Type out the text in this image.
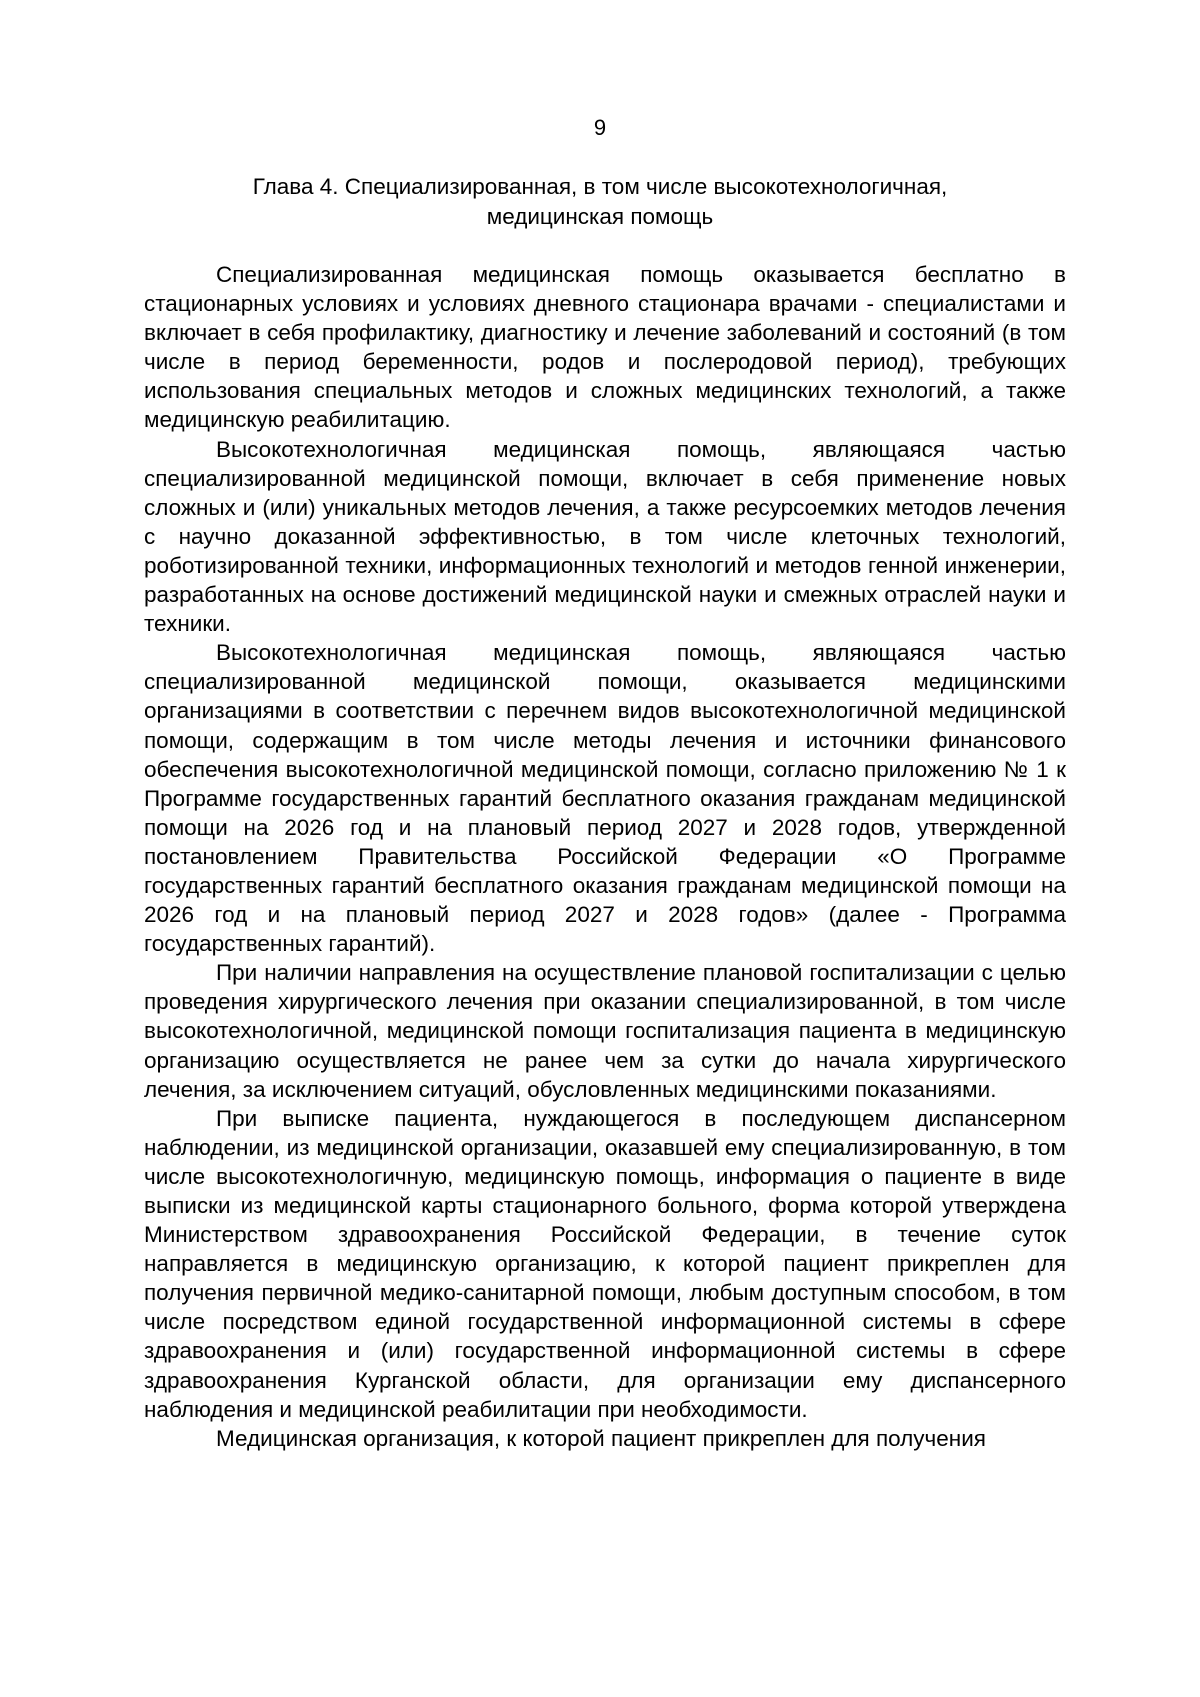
9
Глава 4. Специализированная, в том числе высокотехнологичная,
медицинская помощь

Специализированная медицинская помощь оказывается бесплатно в стационарных условиях и условиях дневного стационара врачами - специалистами и включает в себя профилактику, диагностику и лечение заболеваний и состояний (в том числе в период беременности, родов и послеродовой период), требующих использования специальных методов и сложных медицинских технологий, а также медицинскую реабилитацию.

Высокотехнологичная медицинская помощь, являющаяся частью специализированной медицинской помощи, включает в себя применение новых сложных и (или) уникальных методов лечения, а также ресурсоемких методов лечения с научно доказанной эффективностью, в том числе клеточных технологий, роботизированной техники, информационных технологий и методов генной инженерии, разработанных на основе достижений медицинской науки и смежных отраслей науки и техники.

Высокотехнологичная медицинская помощь, являющаяся частью специализированной медицинской помощи, оказывается медицинскими организациями в соответствии с перечнем видов высокотехнологичной медицинской помощи, содержащим в том числе методы лечения и источники финансового обеспечения высокотехнологичной медицинской помощи, согласно приложению № 1 к Программе государственных гарантий бесплатного оказания гражданам медицинской помощи на 2026 год и на плановый период 2027 и 2028 годов, утвержденной постановлением Правительства Российской Федерации «О Программе государственных гарантий бесплатного оказания гражданам медицинской помощи на 2026 год и на плановый период 2027 и 2028 годов» (далее - Программа государственных гарантий).

При наличии направления на осуществление плановой госпитализации с целью проведения хирургического лечения при оказании специализированной, в том числе высокотехнологичной, медицинской помощи госпитализация пациента в медицинскую организацию осуществляется не ранее чем за сутки до начала хирургического лечения, за исключением ситуаций, обусловленных медицинскими показаниями.

При выписке пациента, нуждающегося в последующем диспансерном наблюдении, из медицинской организации, оказавшей ему специализированную, в том числе высокотехнологичную, медицинскую помощь, информация о пациенте в виде выписки из медицинской карты стационарного больного, форма которой утверждена Министерством здравоохранения Российской Федерации, в течение суток направляется в медицинскую организацию, к которой пациент прикреплен для получения первичной медико-санитарной помощи, любым доступным способом, в том числе посредством единой государственной информационной системы в сфере здравоохранения и (или) государственной информационной системы в сфере здравоохранения Курганской области, для организации ему диспансерного наблюдения и медицинской реабилитации при необходимости.

Медицинская организация, к которой пациент прикреплен для получения
